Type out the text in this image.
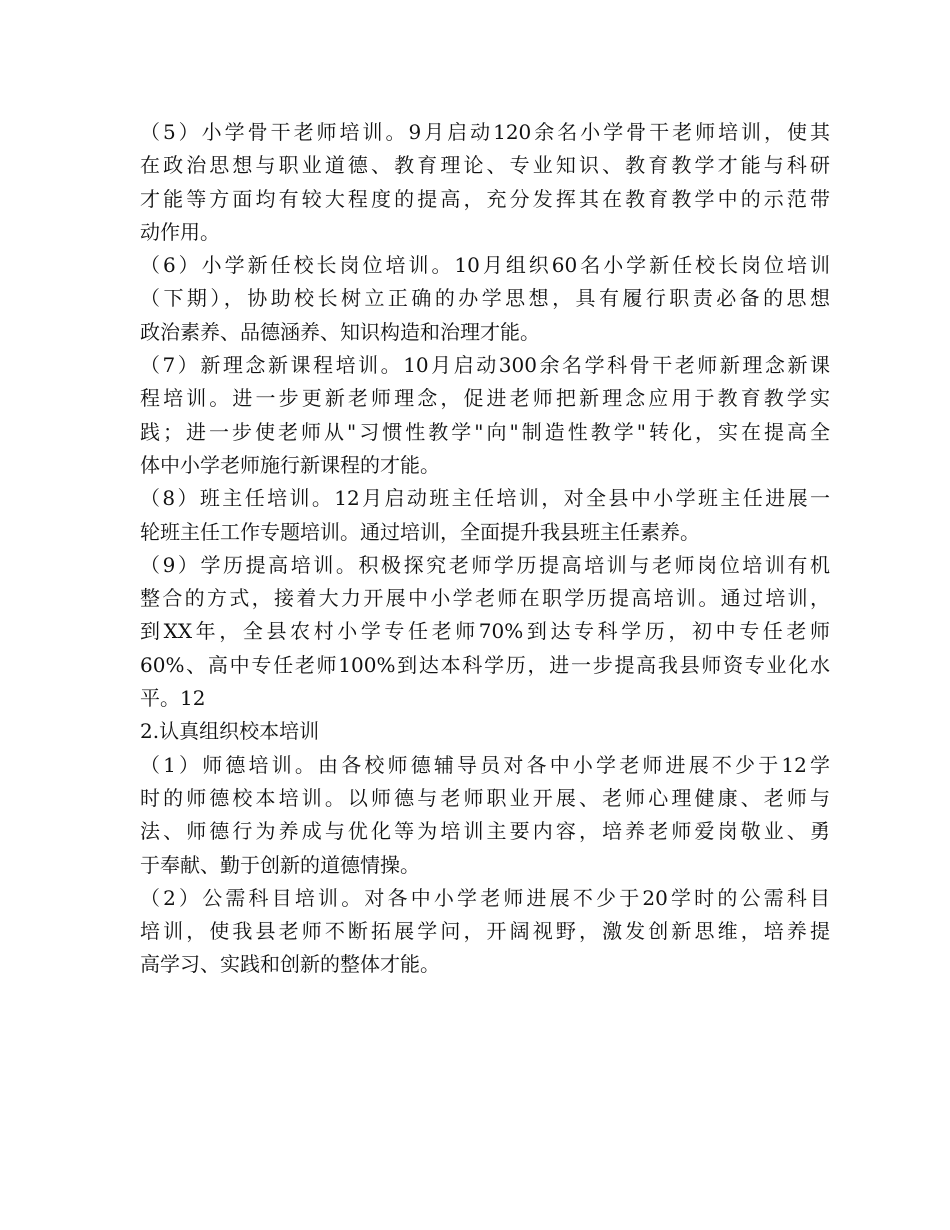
（5）小学骨干老师培训。9月启动120余名小学骨干老师培训，使其
在政治思想与职业道德、教育理论、专业知识、教育教学才能与科研
才能等方面均有较大程度的提高，充分发挥其在教育教学中的示范带
动作用。
（6）小学新任校长岗位培训。10月组织60名小学新任校长岗位培训
（下期），协助校长树立正确的办学思想，具有履行职责必备的思想
政治素养、品德涵养、知识构造和治理才能。
（7）新理念新课程培训。10月启动300余名学科骨干老师新理念新课
程培训。进一步更新老师理念，促进老师把新理念应用于教育教学实
践；进一步使老师从"习惯性教学"向"制造性教学"转化，实在提高全
体中小学老师施行新课程的才能。
（8）班主任培训。12月启动班主任培训，对全县中小学班主任进展一
轮班主任工作专题培训。通过培训，全面提升我县班主任素养。
（9）学历提高培训。积极探究老师学历提高培训与老师岗位培训有机
整合的方式，接着大力开展中小学老师在职学历提高培训。通过培训，
到XX年，全县农村小学专任老师70%到达专科学历，初中专任老师
60%、高中专任老师100%到达本科学历，进一步提高我县师资专业化水
平。12
2.认真组织校本培训
（1）师德培训。由各校师德辅导员对各中小学老师进展不少于12学
时的师德校本培训。以师德与老师职业开展、老师心理健康、老师与
法、师德行为养成与优化等为培训主要内容，培养老师爱岗敬业、勇
于奉献、勤于创新的道德情操。
（2）公需科目培训。对各中小学老师进展不少于20学时的公需科目
培训，使我县老师不断拓展学问，开阔视野，激发创新思维，培养提
高学习、实践和创新的整体才能。
